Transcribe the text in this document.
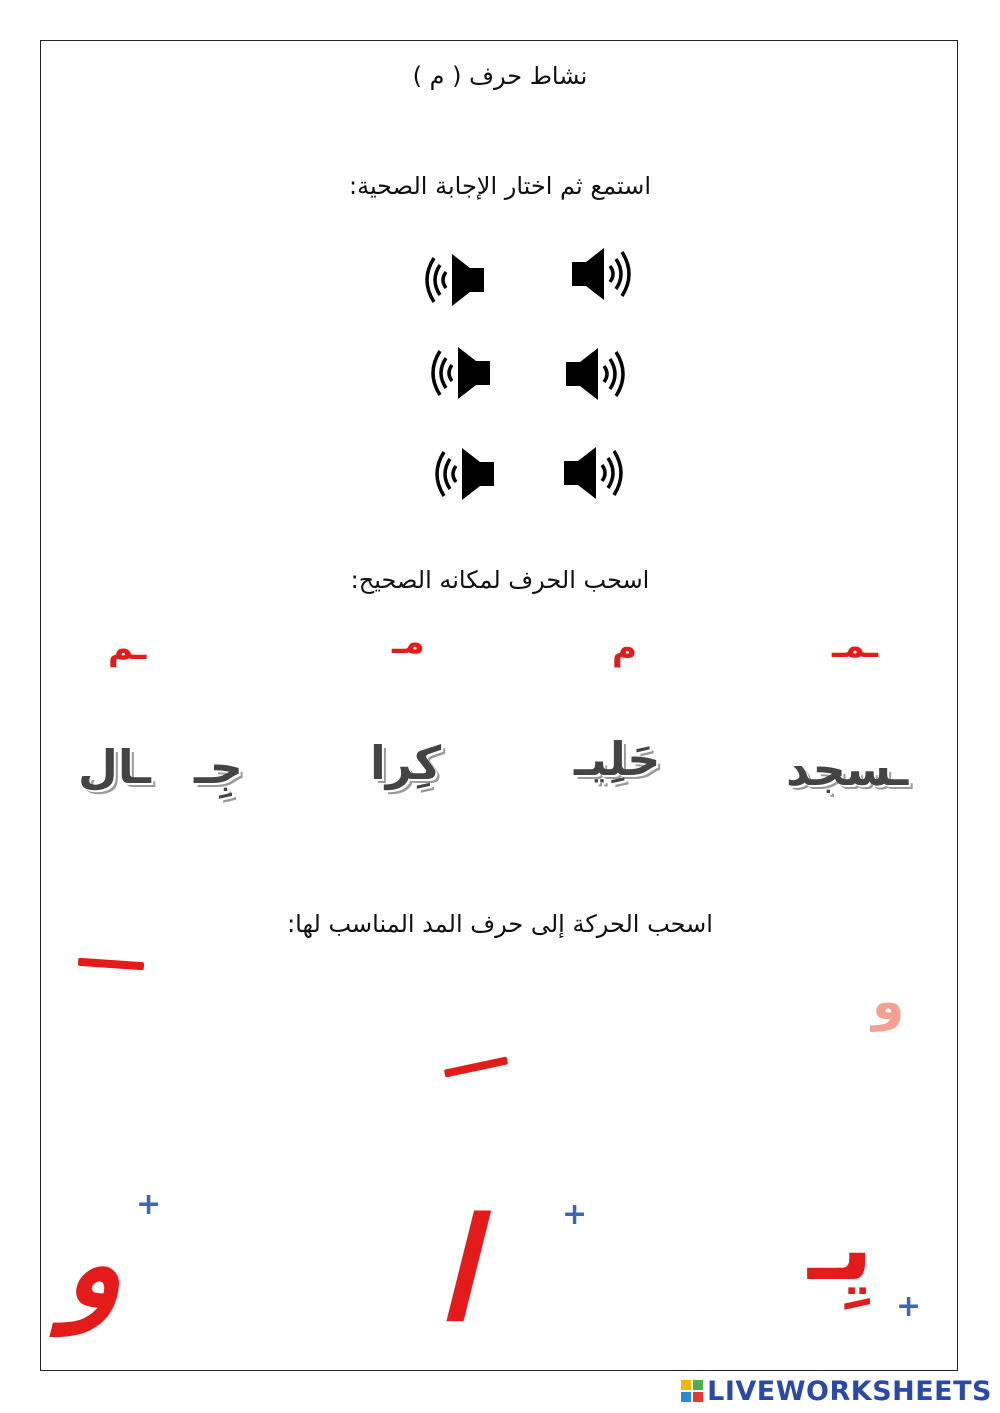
نشاط حرف ( م )
استمع ثم اختار الإجابة الصحية:
اسحب الحرف لمكانه الصحيح:
ـم	م
مـ	ـمـ
ـال جِـ	كِرا	حَلِيـ	ـسجد
اسحب الحركة إلى حرف المد المناسب لها:
و
و + ا	+ يِـ
+
LIVEWORKSHEETS
